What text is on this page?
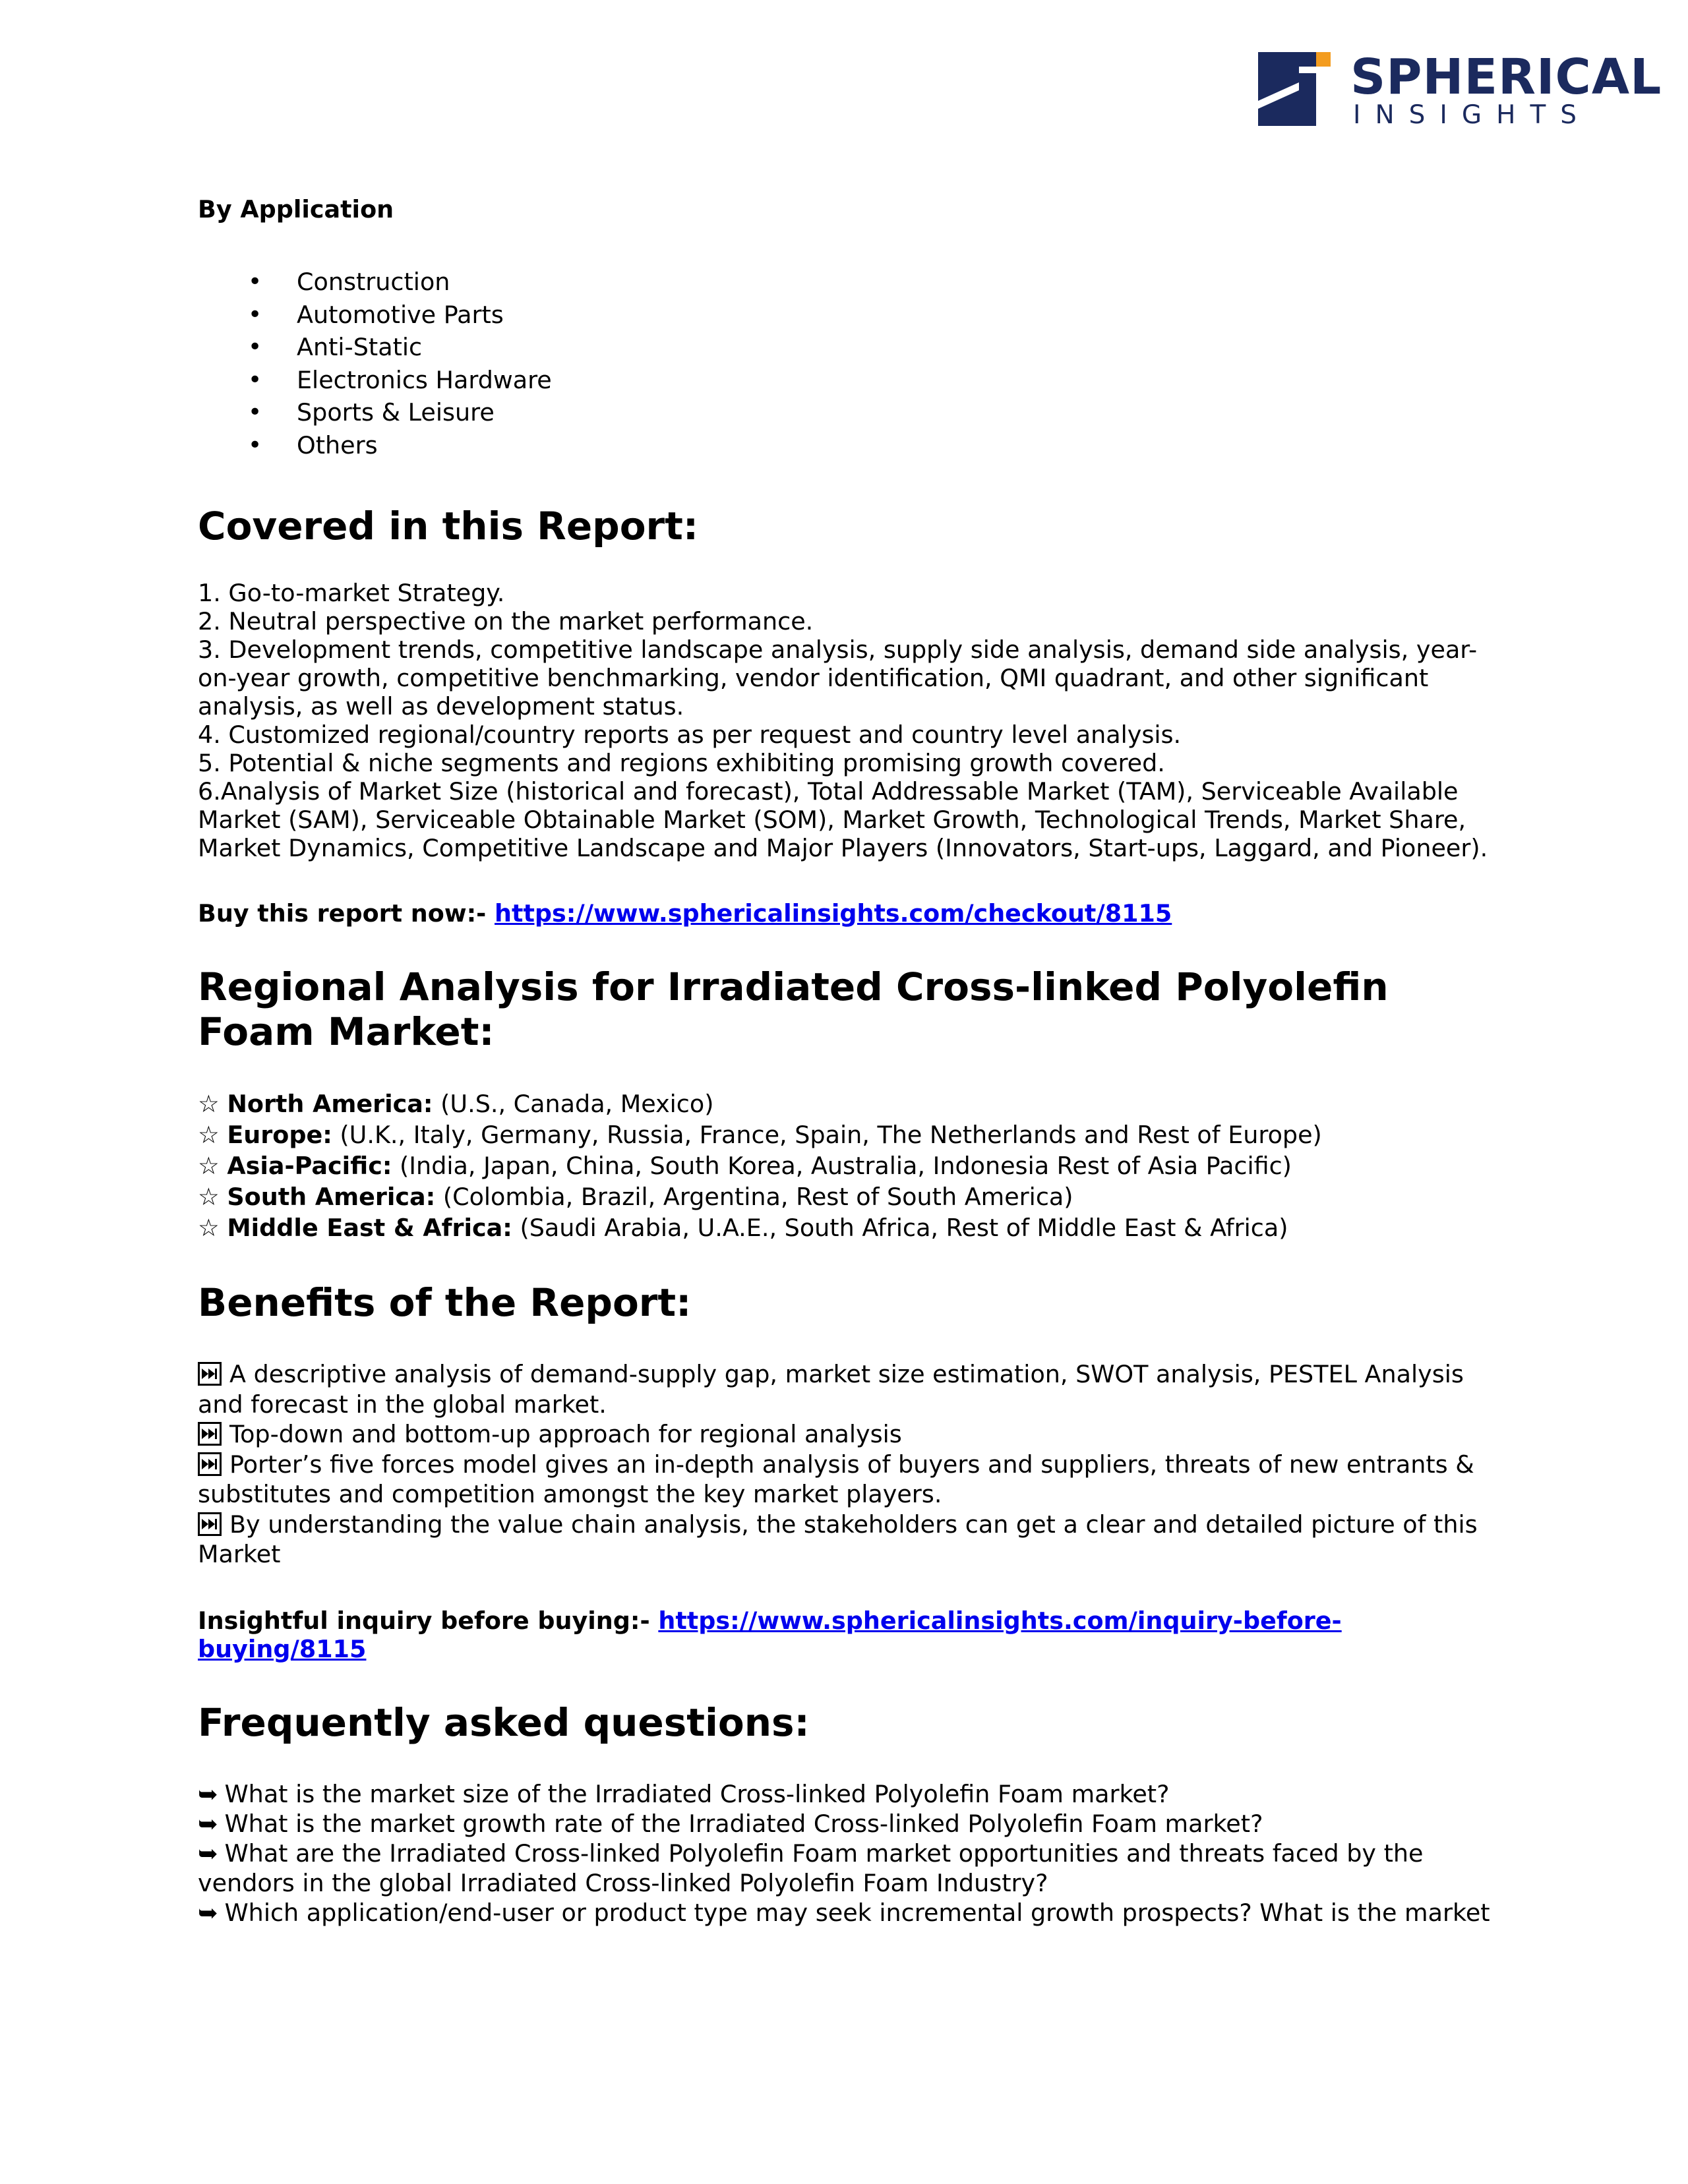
SPHERICAL
INSIGHTS

By Application

• Construction
• Automotive Parts
• Anti-Static
• Electronics Hardware
• Sports & Leisure
• Others
Covered in this Report:

1. Go-to-market Strategy.

2. Neutral perspective on the market performance.

3. Development trends, competitive landscape analysis, supply side analysis, demand side analysis, year-on-year growth, competitive benchmarking, vendor identification, QMI quadrant, and other significant analysis, as well as development status.

4. Customized regional/country reports as per request and country level analysis.

5. Potential & niche segments and regions exhibiting promising growth covered.

6.Analysis of Market Size (historical and forecast), Total Addressable Market (TAM), Serviceable Available Market (SAM), Serviceable Obtainable Market (SOM), Market Growth, Technological Trends, Market Share, Market Dynamics, Competitive Landscape and Major Players (Innovators, Start-ups, Laggard, and Pioneer).

Buy this report now:- https://www.sphericalinsights.com/checkout/8115

Regional Analysis for Irradiated Cross-linked Polyolefin Foam Market:

☆ North America: (U.S., Canada, Mexico)

☆ Europe: (U.K., Italy, Germany, Russia, France, Spain, The Netherlands and Rest of Europe)

☆ Asia-Pacific: (India, Japan, China, South Korea, Australia, Indonesia Rest of Asia Pacific)

☆ South America: (Colombia, Brazil, Argentina, Rest of South America)

☆ Middle East & Africa: (Saudi Arabia, U.A.E., South Africa, Rest of Middle East & Africa)

Benefits of the Report:

A descriptive analysis of demand-supply gap, market size estimation, SWOT analysis, PESTEL Analysis and forecast in the global market.

Top-down and bottom-up approach for regional analysis

Porter’s five forces model gives an in-depth analysis of buyers and suppliers, threats of new entrants & substitutes and competition amongst the key market players.

By understanding the value chain analysis, the stakeholders can get a clear and detailed picture of this Market

Insightful inquiry before buying:- https://www.sphericalinsights.com/inquiry-before-buying/8115

Frequently asked questions:

➥ What is the market size of the Irradiated Cross-linked Polyolefin Foam market?

➥ What is the market growth rate of the Irradiated Cross-linked Polyolefin Foam market?

➥ What are the Irradiated Cross-linked Polyolefin Foam market opportunities and threats faced by the vendors in the global Irradiated Cross-linked Polyolefin Foam Industry?

➥ Which application/end-user or product type may seek incremental growth prospects? What is the market
